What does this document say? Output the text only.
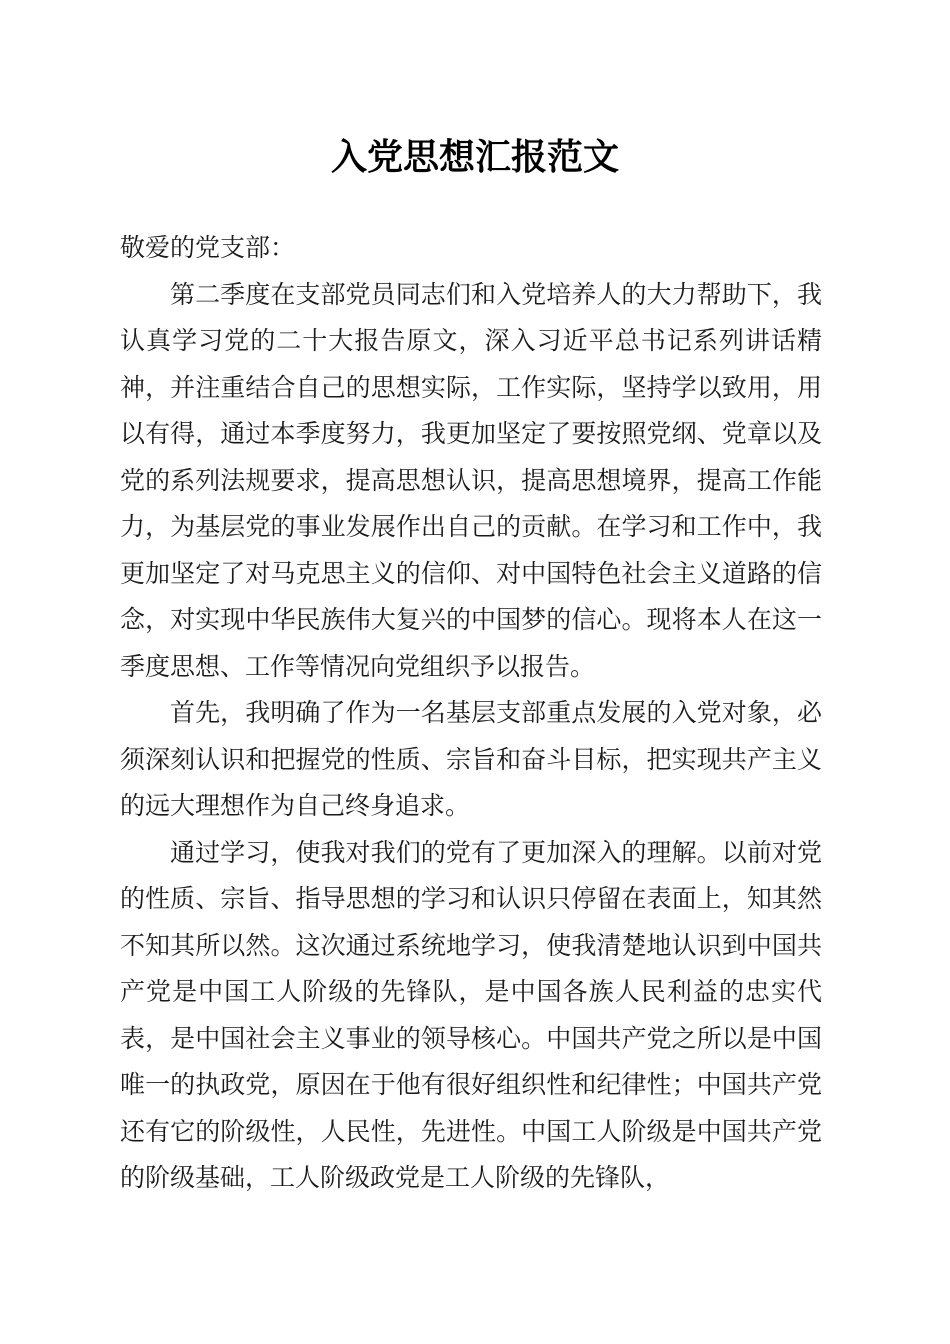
入党思想汇报范文

敬爱的党支部：

第二季度在支部党员同志们和入党培养人的大力帮助下，我认真学习党的二十大报告原文，深入习近平总书记系列讲话精神，并注重结合自己的思想实际，工作实际，坚持学以致用，用以有得，通过本季度努力，我更加坚定了要按照党纲、党章以及党的系列法规要求，提高思想认识，提高思想境界，提高工作能力，为基层党的事业发展作出自己的贡献。在学习和工作中，我更加坚定了对马克思主义的信仰、对中国特色社会主义道路的信念，对实现中华民族伟大复兴的中国梦的信心。现将本人在这一季度思想、工作等情况向党组织予以报告。

首先，我明确了作为一名基层支部重点发展的入党对象，必须深刻认识和把握党的性质、宗旨和奋斗目标，把实现共产主义的远大理想作为自己终身追求。

通过学习，使我对我们的党有了更加深入的理解。以前对党的性质、宗旨、指导思想的学习和认识只停留在表面上，知其然不知其所以然。这次通过系统地学习，使我清楚地认识到中国共产党是中国工人阶级的先锋队，是中国各族人民利益的忠实代表，是中国社会主义事业的领导核心。中国共产党之所以是中国唯一的执政党，原因在于他有很好组织性和纪律性；中国共产党还有它的阶级性，人民性，先进性。中国工人阶级是中国共产党的阶级基础，工人阶级政党是工人阶级的先锋队，
